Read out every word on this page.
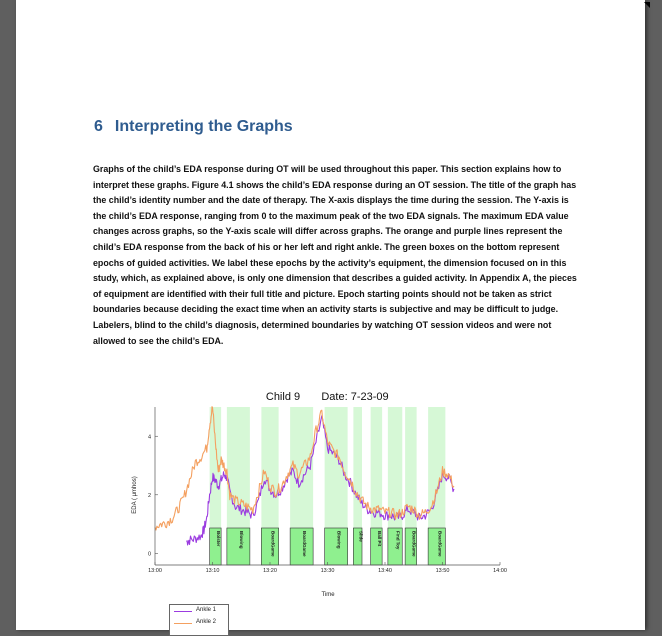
6 Interpreting the Graphs

Graphs of the child’s EDA response during OT will be used throughout this paper. This section explains how to interpret these graphs. Figure 4.1 shows the child’s EDA response during an OT session. The title of the graph has the child’s identity number and the date of therapy. The X-axis displays the time during the session. The Y-axis is the child’s EDA response, ranging from 0 to the maximum peak of the two EDA signals. The maximum EDA value changes across graphs, so the Y-axis scale will differ across graphs. The orange and purple lines represent the child’s EDA response from the back of his or her left and right ankle. The green boxes on the bottom represent epochs of guided activities. We label these epochs by the activity’s equipment, the dimension focused on in this study, which, as explained above, is only one dimension that describes a guided activity. In Appendix A, the pieces of equipment are identified with their full title and picture. Epoch starting points should not be taken as strict boundaries because deciding the exact time when an activity starts is subjective and may be difficult to judge. Labelers, blind to the child’s diagnosis, determined boundaries by watching OT session videos and were not allowed to see the child’s EDA.

Bolster	Blowing	BoardGame	BoardGame	Blowing	Slide	Ball Pit	Find Toy BoardGame	BoardGame
Child 9 Date: 7-23-09
Time
EDA ( μmhos)
0
2
4
13:00	13:10	13:20	13:30	13:40	13:50	14:00
Ankle 1
Ankle 2
